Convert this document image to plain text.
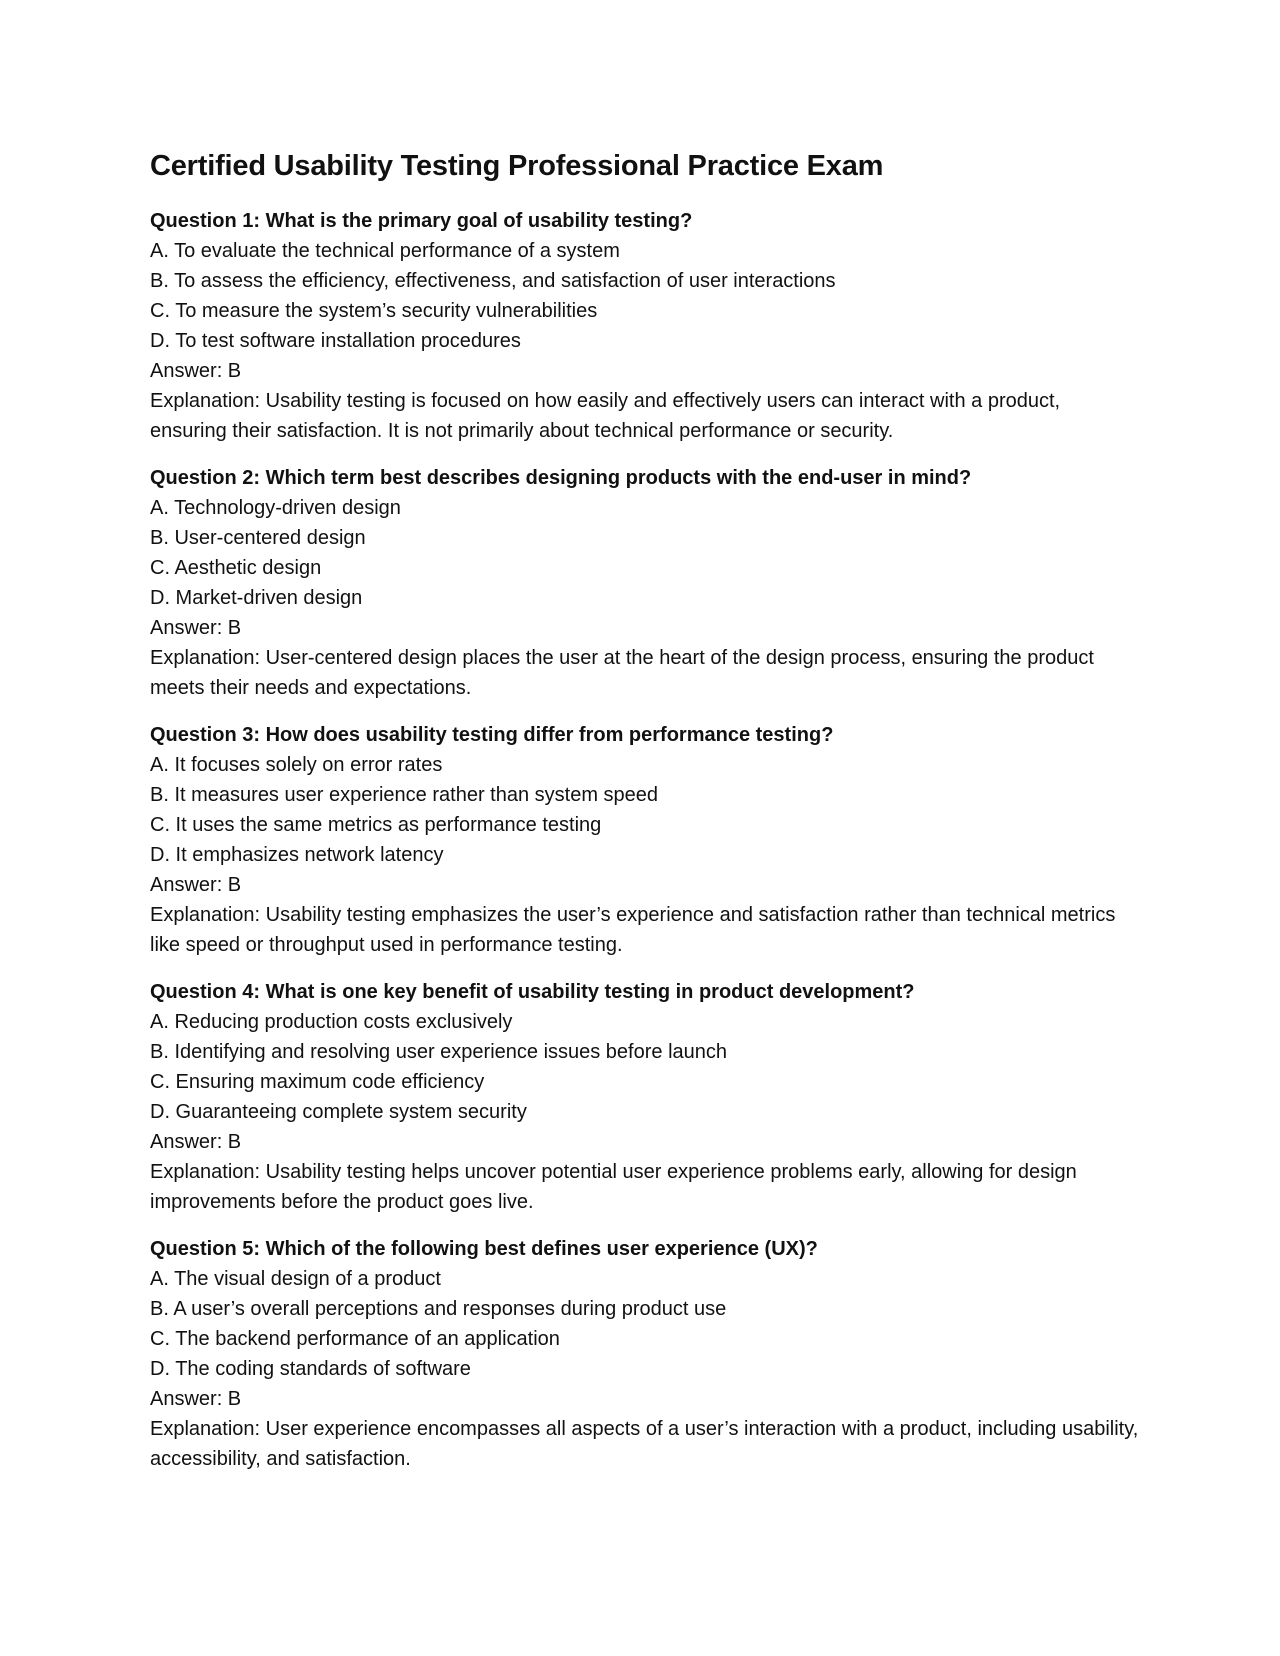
Certified Usability Testing Professional Practice Exam

Question 1: What is the primary goal of usability testing?

A. To evaluate the technical performance of a system

B. To assess the efficiency, effectiveness, and satisfaction of user interactions

C. To measure the system’s security vulnerabilities

D. To test software installation procedures

Answer: B

Explanation: Usability testing is focused on how easily and effectively users can interact with a product, ensuring their satisfaction. It is not primarily about technical performance or security.

Question 2: Which term best describes designing products with the end-user in mind?

A. Technology-driven design

B. User-centered design

C. Aesthetic design

D. Market-driven design

Answer: B

Explanation: User-centered design places the user at the heart of the design process, ensuring the product meets their needs and expectations.

Question 3: How does usability testing differ from performance testing?

A. It focuses solely on error rates

B. It measures user experience rather than system speed

C. It uses the same metrics as performance testing

D. It emphasizes network latency

Answer: B

Explanation: Usability testing emphasizes the user’s experience and satisfaction rather than technical metrics like speed or throughput used in performance testing.

Question 4: What is one key benefit of usability testing in product development?

A. Reducing production costs exclusively

B. Identifying and resolving user experience issues before launch

C. Ensuring maximum code efficiency

D. Guaranteeing complete system security

Answer: B

Explanation: Usability testing helps uncover potential user experience problems early, allowing for design improvements before the product goes live.

Question 5: Which of the following best defines user experience (UX)?

A. The visual design of a product

B. A user’s overall perceptions and responses during product use

C. The backend performance of an application

D. The coding standards of software

Answer: B

Explanation: User experience encompasses all aspects of a user’s interaction with a product, including usability, accessibility, and satisfaction.
